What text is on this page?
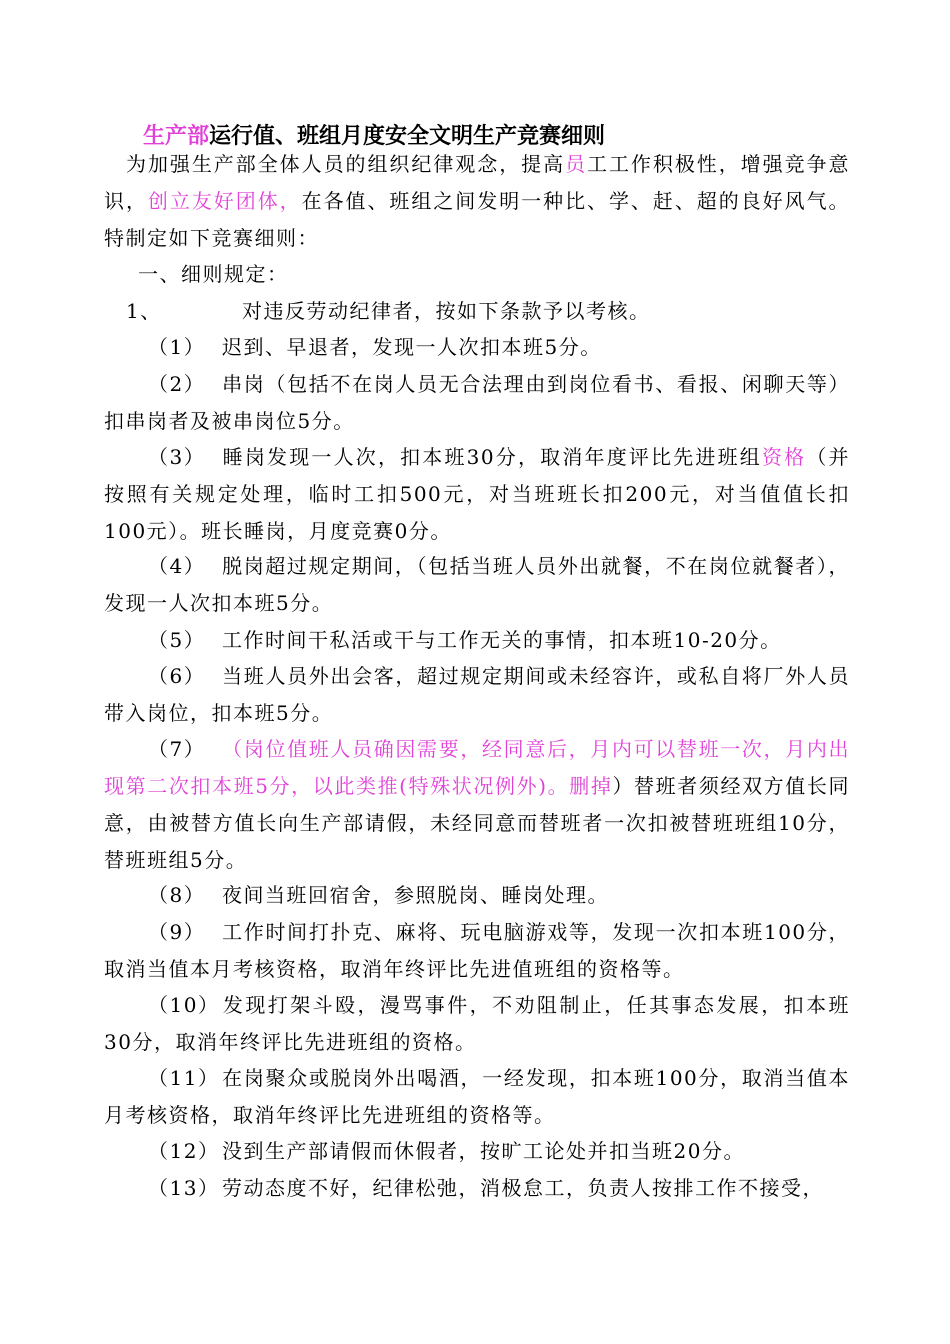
生产部运行值、班组月度安全文明生产竞赛细则

为加强生产部全体人员的组织纪律观念，提高员工工作积极性，增强竞争意识，创立友好团体，在各值、班组之间发明一种比、学、赶、超的良好风气。特制定如下竞赛细则：

一、细则规定：

1、	对违反劳动纪律者，按如下条款予以考核。

（1） 迟到、早退者，发现一人次扣本班5分。

（2） 串岗（包括不在岗人员无合法理由到岗位看书、看报、闲聊天等）扣串岗者及被串岗位5分。

（3） 睡岗发现一人次，扣本班30分，取消年度评比先进班组资格（并按照有关规定处理，临时工扣500元，对当班班长扣200元，对当值值长扣100元）。班长睡岗，月度竞赛0分。

（4） 脱岗超过规定期间，（包括当班人员外出就餐，不在岗位就餐者），发现一人次扣本班5分。

（5） 工作时间干私活或干与工作无关的事情，扣本班10-20分。

（6） 当班人员外出会客，超过规定期间或未经容许，或私自将厂外人员带入岗位，扣本班5分。

（7） （岗位值班人员确因需要，经同意后，月内可以替班一次，月内出现第二次扣本班5分，以此类推(特殊状况例外)。删掉）替班者须经双方值长同意，由被替方值长向生产部请假，未经同意而替班者一次扣被替班班组10分，替班班组5分。

（8） 夜间当班回宿舍，参照脱岗、睡岗处理。

（9） 工作时间打扑克、麻将、玩电脑游戏等，发现一次扣本班100分，取消当值本月考核资格，取消年终评比先进值班组的资格等。

（10） 发现打架斗殴，漫骂事件，不劝阻制止，任其事态发展，扣本班30分，取消年终评比先进班组的资格。

（11） 在岗聚众或脱岗外出喝酒，一经发现，扣本班100分，取消当值本月考核资格，取消年终评比先进班组的资格等。

（12） 没到生产部请假而休假者，按旷工论处并扣当班20分。

（13） 劳动态度不好，纪律松弛，消极怠工，负责人按排工作不接受，
